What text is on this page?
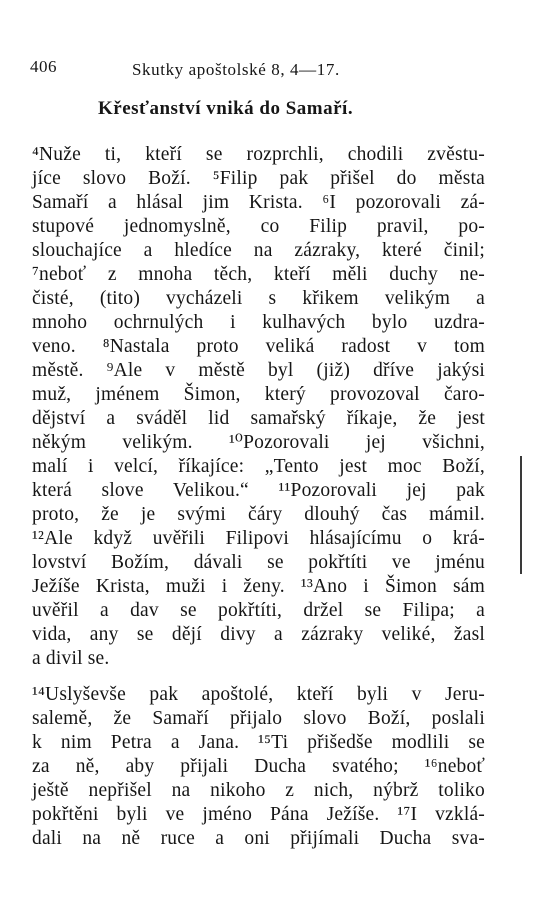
406	Skutky apoštolské 8, 4—17.
Křesťanství vniká do Samaří.
⁴Nuže ti, kteří se rozprchli, chodili zvěstu-
jíce slovo Boží. ⁵Filip pak přišel do města
Samaří a hlásal jim Krista. ⁶I pozorovali zá-
stupové jednomyslně, co Filip pravil, po-
slouchajíce a hledíce na zázraky, které činil;
⁷neboť z mnoha těch, kteří měli duchy ne-
čisté, (tito) vycházeli s křikem velikým a
mnoho ochrnulých i kulhavých bylo uzdra-
veno. ⁸Nastala proto veliká radost v tom
městě. ⁹Ale v městě byl (již) dříve jakýsi
muž, jménem Šimon, který provozoval čaro-
dějství a sváděl lid samařský říkaje, že jest
někým velikým. ¹⁰Pozorovali jej všichni,
malí i velcí, říkajíce: „Tento jest moc Boží,
která slove Velikou.“ ¹¹Pozorovali jej pak
proto, že je svými čáry dlouhý čas mámil.
¹²Ale když uvěřili Filipovi hlásajícímu o krá-
lovství Božím, dávali se pokřtíti ve jménu
Ježíše Krista, muži i ženy. ¹³Ano i Šimon sám
uvěřil a dav se pokřtíti, držel se Filipa; a
vida, any se dějí divy a zázraky veliké, žasl
a divil se.
¹⁴Uslyševše pak apoštolé, kteří byli v Jeru-
salemě, že Samaří přijalo slovo Boží, poslali
k nim Petra a Jana. ¹⁵Ti přišedše modlili se
za ně, aby přijali Ducha svatého; ¹⁶neboť
ještě nepřišel na nikoho z nich, nýbrž toliko
pokřtěni byli ve jméno Pána Ježíše. ¹⁷I vzklá-
dali na ně ruce a oni přijímali Ducha sva-
